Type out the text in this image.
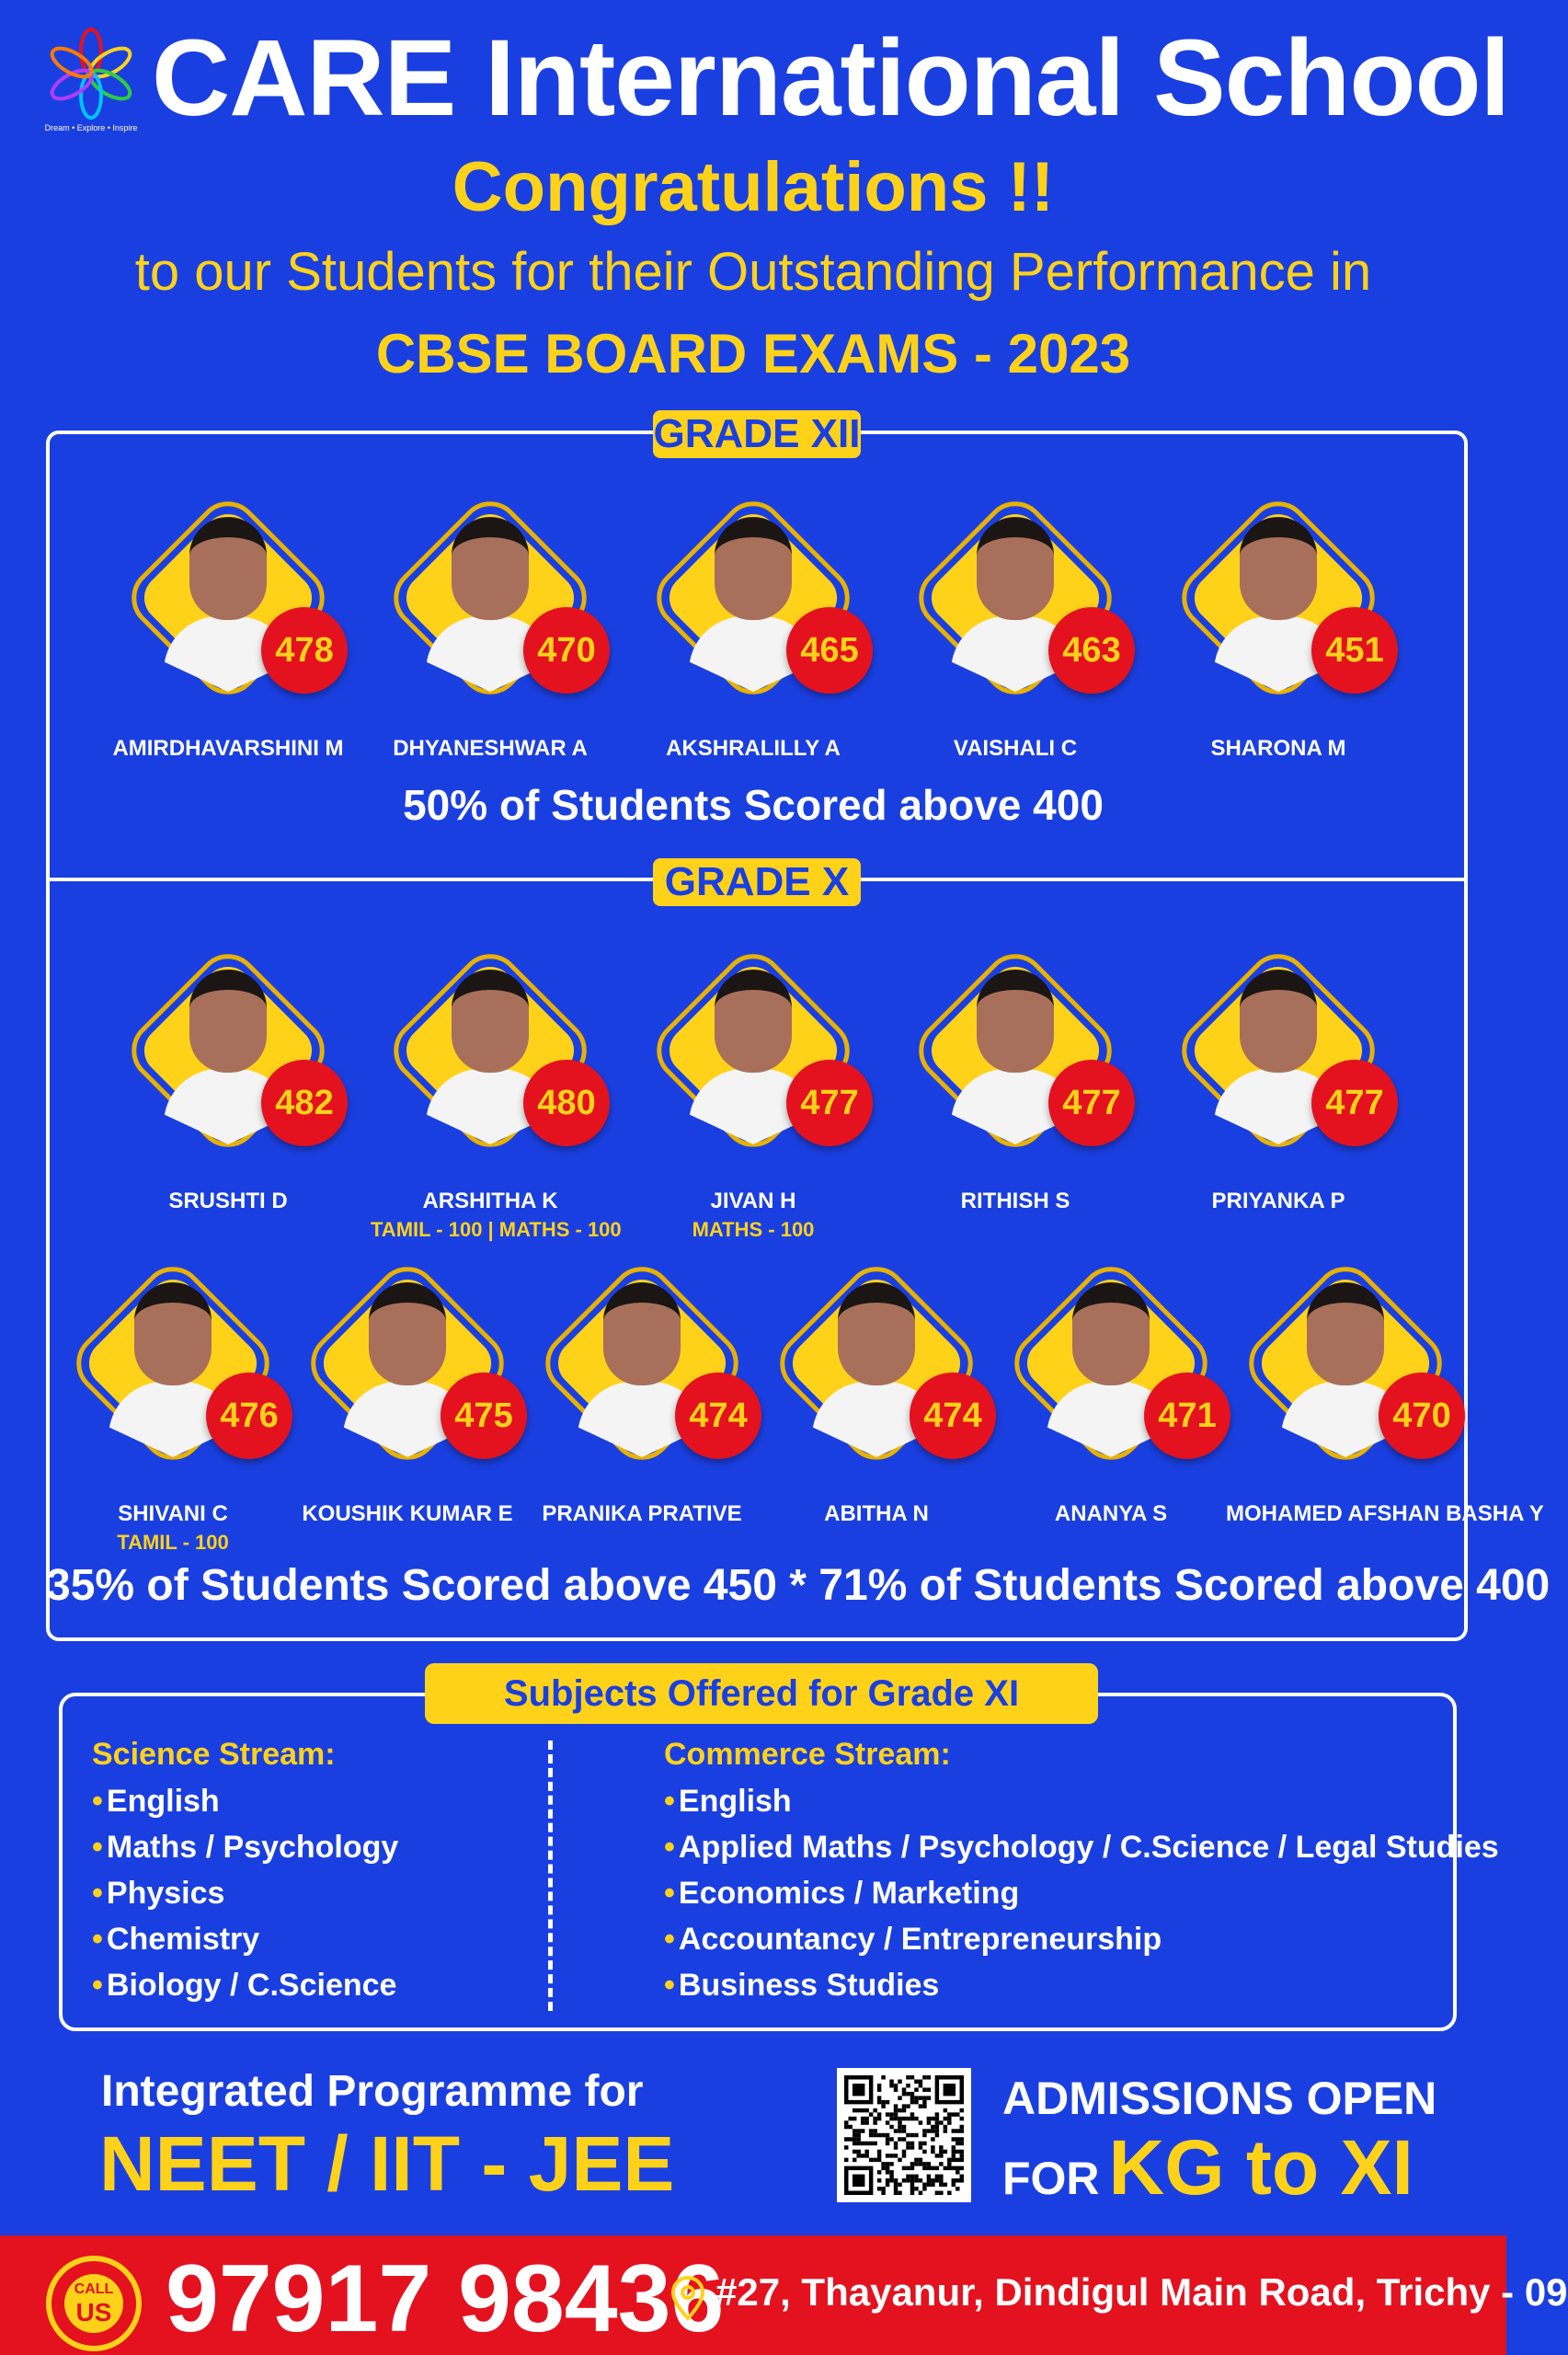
Dream • Explore • Inspire CARE International School
Congratulations !!
to our Students for their Outstanding Performance in
CBSE BOARD EXAMS - 2023
GRADE XII
GRADE X
478
AMIRDHAVARSHINI M
470
DHYANESHWAR A
465
AKSHRALILLY A
463
VAISHALI C
451
SHARONA M
50% of Students Scored above 400
482
SRUSHTI D
480
ARSHITHA K
TAMIL - 100 | MATHS - 100
477
JIVAN H
MATHS - 100
477
RITHISH S
477
PRIYANKA P
476
SHIVANI C
TAMIL - 100
475
KOUSHIK KUMAR E
474
PRANIKA PRATIVE
474
ABITHA N
471
ANANYA S
470
MOHAMED AFSHAN BASHA Y
35% of Students Scored above 450 * 71% of Students Scored above 400
Subjects Offered for Grade XI
Science Stream:
• English
• Maths / Psychology
• Physics
• Chemistry
• Biology / C.Science
Commerce Stream:
• English
• Applied Maths / Psychology / C.Science / Legal Studies
• Economics / Marketing
• Accountancy / Entrepreneurship
• Business Studies
Integrated Programme for
NEET / IIT - JEE
ADMISSIONS OPEN
FOR KG to XI
CALL
US 97917 98436
#27, Thayanur, Dindigul Main Road, Trichy - 09
